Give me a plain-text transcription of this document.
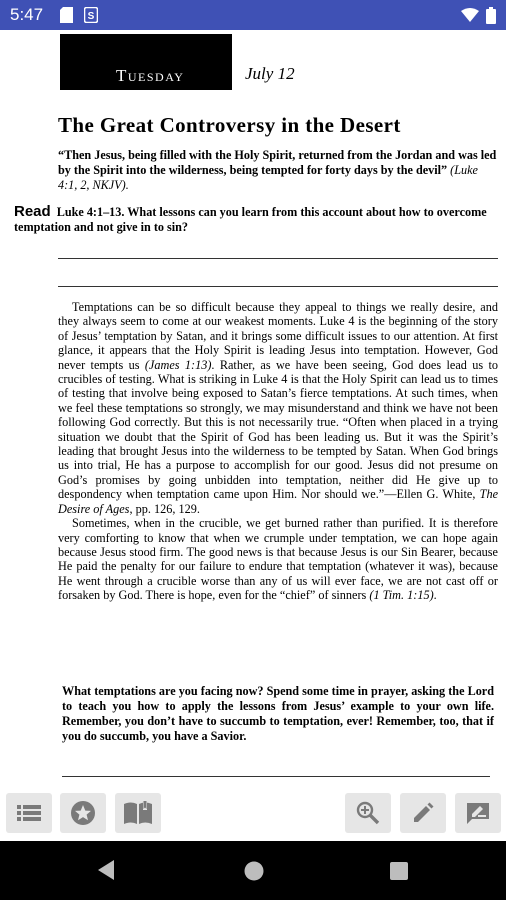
5:47	S
Tuesday	July 12
The Great Controversy in the Desert
“Then Jesus, being filled with the Holy Spirit, returned from the Jordan and was led by the Spirit into the wilderness, being tempted for forty days by the devil” (Luke 4:1, 2, NKJV).
Read Luke 4:1–13. What lessons can you learn from this account about how to overcome temptation and not give in to sin?

Temptations can be so difficult because they appeal to things we really desire, and they always seem to come at our weakest moments. Luke 4 is the beginning of the story of Jesus’ temptation by Satan, and it brings some difficult issues to our attention. At first glance, it appears that the Holy Spirit is leading Jesus into temptation. However, God never tempts us (James 1:13). Rather, as we have been seeing, God does lead us to crucibles of testing. What is striking in Luke 4 is that the Holy Spirit can lead us to times of testing that involve being exposed to Satan’s fierce temptations. At such times, when we feel these temptations so strongly, we may misunderstand and think we have not been following God correctly. But this is not necessarily true. “Often when placed in a trying situation we doubt that the Spirit of God has been leading us. But it was the Spirit’s leading that brought Jesus into the wilderness to be tempted by Satan. When God brings us into trial, He has a purpose to accomplish for our good. Jesus did not presume on God’s promises by going unbidden into temptation, neither did He give up to despondency when temptation came upon Him. Nor should we.”—Ellen G. White, The Desire of Ages, pp. 126, 129.

Sometimes, when in the crucible, we get burned rather than purified. It is therefore very comforting to know that when we crumple under temptation, we can hope again because Jesus stood firm. The good news is that because Jesus is our Sin Bearer, because He paid the penalty for our failure to endure that temptation (whatever it was), because He went through a crucible worse than any of us will ever face, we are not cast off or forsaken by God. There is hope, even for the “chief” of sinners (1 Tim. 1:15).

What temptations are you facing now? Spend some time in prayer, asking the Lord to teach you how to apply the lessons from Jesus’ example to your own life. Remember, you don’t have to succumb to temptation, ever! Remember, too, that if you do succumb, you have a Savior.
